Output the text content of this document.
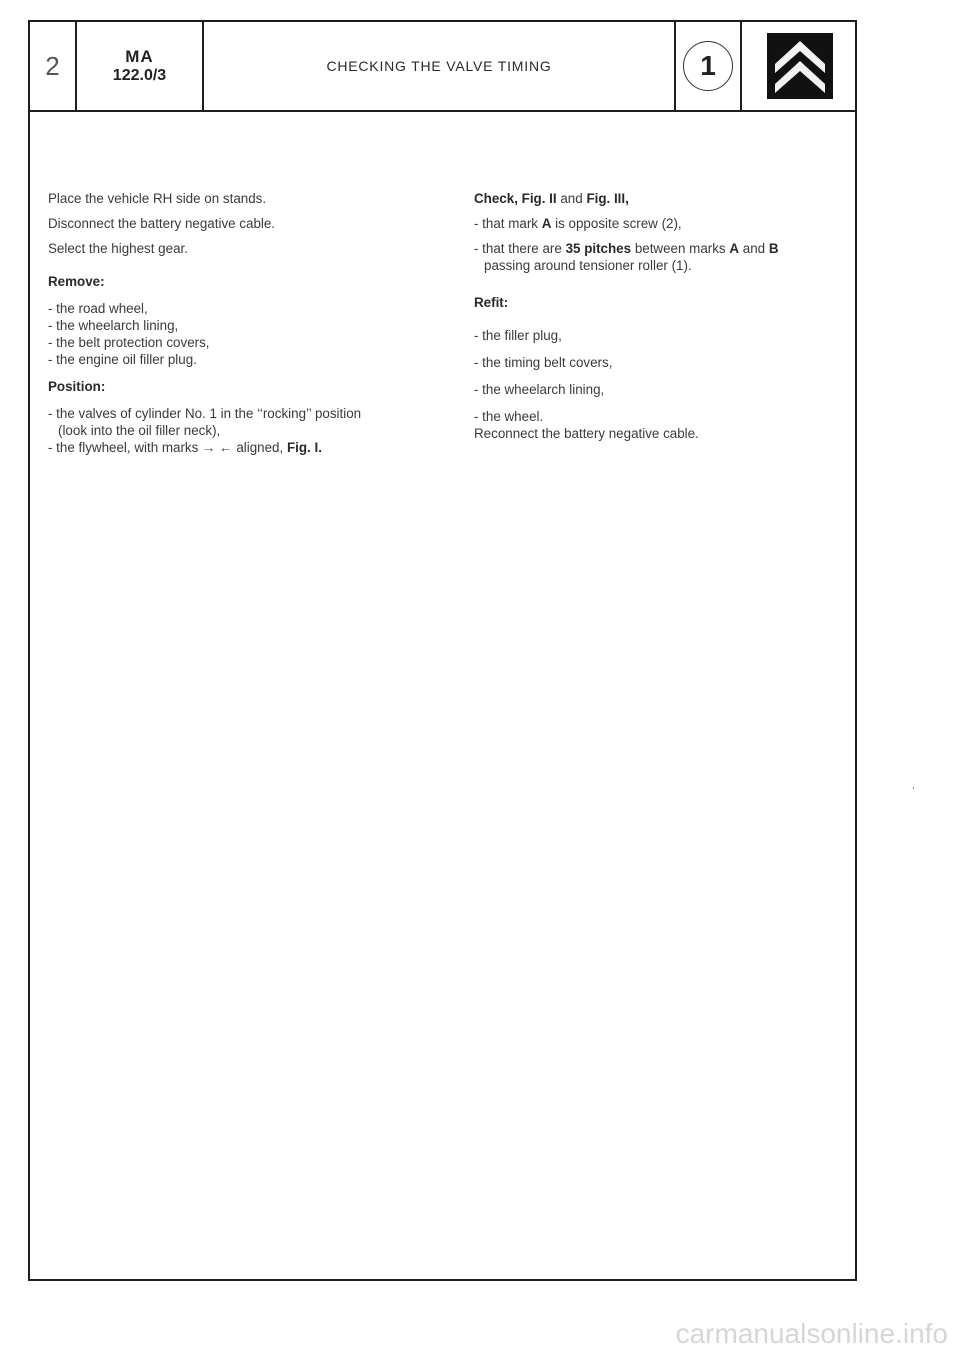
2	MA
122.0/3
CHECKING THE VALVE TIMING	1

Place the vehicle RH side on stands.

Disconnect the battery negative cable.

Select the highest gear.

Remove:

- the road wheel,

- the wheelarch lining,

- the belt protection covers,

- the engine oil filler plug.

Position:

- the valves of cylinder No. 1 in the ‘‘rocking’’ position

(look into the oil filler neck),

- the flywheel, with marks → ← aligned, Fig. I.

Check, Fig. II and Fig. III,

- that mark A is opposite screw (2),

- that there are 35 pitches between marks A and B

passing around tensioner roller (1).

Refit:

- the filler plug,

- the timing belt covers,

- the wheelarch lining,

- the wheel.

Reconnect the battery negative cable.

,
carmanualsonline.info
